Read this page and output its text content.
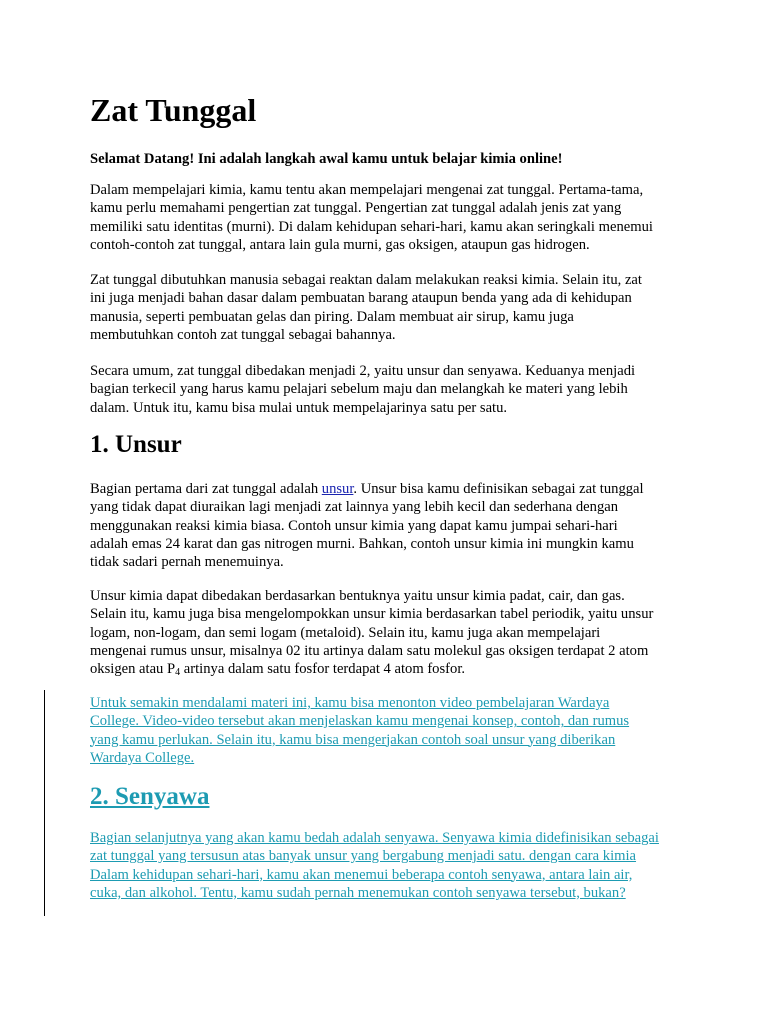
Zat Tunggal

Selamat Datang! Ini adalah langkah awal kamu untuk belajar kimia online!

Dalam mempelajari kimia, kamu tentu akan mempelajari mengenai zat tunggal. Pertama-tama,
kamu perlu memahami pengertian zat tunggal. Pengertian zat tunggal adalah jenis zat yang
memiliki satu identitas (murni). Di dalam kehidupan sehari-hari, kamu akan seringkali menemui
contoh-contoh zat tunggal, antara lain gula murni, gas oksigen, ataupun gas hidrogen.

Zat tunggal dibutuhkan manusia sebagai reaktan dalam melakukan reaksi kimia. Selain itu, zat
ini juga menjadi bahan dasar dalam pembuatan barang ataupun benda yang ada di kehidupan
manusia, seperti pembuatan gelas dan piring. Dalam membuat air sirup, kamu juga
membutuhkan contoh zat tunggal sebagai bahannya.

Secara umum, zat tunggal dibedakan menjadi 2, yaitu unsur dan senyawa. Keduanya menjadi
bagian terkecil yang harus kamu pelajari sebelum maju dan melangkah ke materi yang lebih
dalam. Untuk itu, kamu bisa mulai untuk mempelajarinya satu per satu.

1. Unsur

Bagian pertama dari zat tunggal adalah unsur. Unsur bisa kamu definisikan sebagai zat tunggal
yang tidak dapat diuraikan lagi menjadi zat lainnya yang lebih kecil dan sederhana dengan
menggunakan reaksi kimia biasa. Contoh unsur kimia yang dapat kamu jumpai sehari-hari
adalah emas 24 karat dan gas nitrogen murni. Bahkan, contoh unsur kimia ini mungkin kamu
tidak sadari pernah menemuinya.

Unsur kimia dapat dibedakan berdasarkan bentuknya yaitu unsur kimia padat, cair, dan gas.
Selain itu, kamu juga bisa mengelompokkan unsur kimia berdasarkan tabel periodik, yaitu unsur
logam, non-logam, dan semi logam (metaloid). Selain itu, kamu juga akan mempelajari
mengenai rumus unsur, misalnya 02 itu artinya dalam satu molekul gas oksigen terdapat 2 atom
oksigen atau $P_4$ artinya dalam satu fosfor terdapat 4 atom fosfor.

Untuk semakin mendalami materi ini, kamu bisa menonton video pembelajaran Wardaya
College. Video-video tersebut akan menjelaskan kamu mengenai konsep, contoh, dan rumus
yang kamu perlukan. Selain itu, kamu bisa mengerjakan contoh soal unsur yang diberikan
Wardaya College.

2. Senyawa

Bagian selanjutnya yang akan kamu bedah adalah senyawa. Senyawa kimia didefinisikan sebagai
zat tunggal yang tersusun atas banyak unsur yang bergabung menjadi satu. dengan cara kimia
Dalam kehidupan sehari-hari, kamu akan menemui beberapa contoh senyawa, antara lain air,
cuka, dan alkohol. Tentu, kamu sudah pernah menemukan contoh senyawa tersebut, bukan?
